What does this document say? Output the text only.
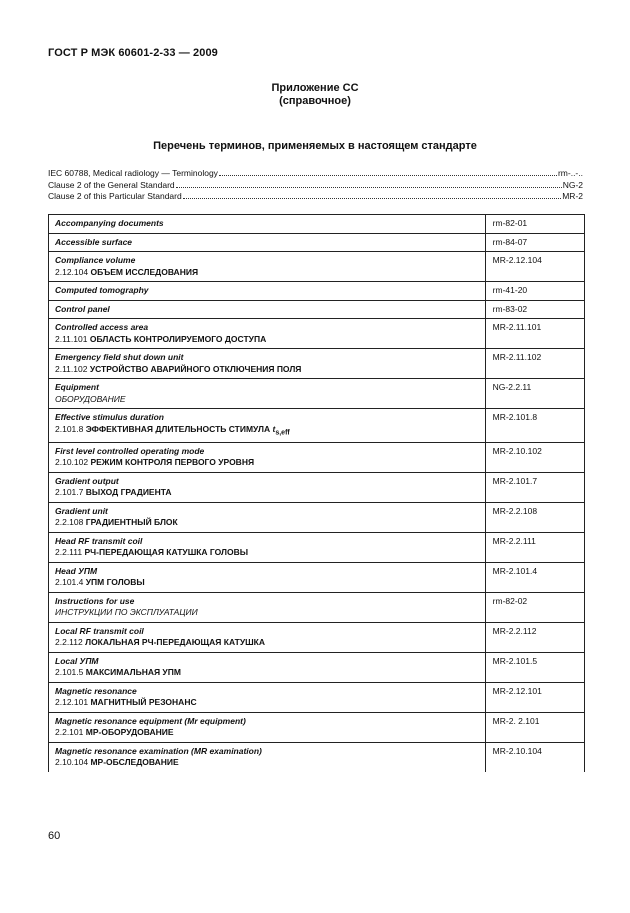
ГОСТ Р МЭК 60601-2-33 — 2009
Приложение СС
(справочное)
Перечень терминов, применяемых в настоящем стандарте
IEC 60788, Medical radiology — Terminology	rm-..-..
Clause 2 of the General Standard	NG-2
Clause 2 of this Particular Standard	MR-2
Accompanying documents	rm-82-01

Accessible surface	rm-84-07

Compliance volume
2.12.104 ОБЪЕМ ИССЛЕДОВАНИЯ	MR-2.12.104

Computed tomography	rm-41-20

Control panel	rm-83-02

Controlled access area
2.11.101 ОБЛАСТЬ КОНТРОЛИРУЕМОГО ДОСТУПА	MR-2.11.101

Emergency field shut down unit
2.11.102 УСТРОЙСТВО АВАРИЙНОГО ОТКЛЮЧЕНИЯ ПОЛЯ	MR-2.11.102

Equipment
ОБОРУДОВАНИЕ	NG-2.2.11

Effective stimulus duration
2.101.8 ЭФФЕКТИВНАЯ ДЛИТЕЛЬНОСТЬ СТИМУЛА $t_{s,eff}$	MR-2.101.8

First level controlled operating mode
2.10.102 РЕЖИМ КОНТРОЛЯ ПЕРВОГО УРОВНЯ	MR-2.10.102

Gradient output
2.101.7 ВЫХОД ГРАДИЕНТА	MR-2.101.7

Gradient unit
2.2.108 ГРАДИЕНТНЫЙ БЛОК	MR-2.2.108

Head RF transmit coil
2.2.111 РЧ-ПЕРЕДАЮЩАЯ КАТУШКА ГОЛОВЫ	MR-2.2.111

Head УПМ
2.101.4 УПМ ГОЛОВЫ	MR-2.101.4

Instructions for use
ИНСТРУКЦИИ ПО ЭКСПЛУАТАЦИИ	rm-82-02

Local RF transmit coil
2.2.112 ЛОКАЛЬНАЯ РЧ-ПЕРЕДАЮЩАЯ КАТУШКА	MR-2.2.112

Local УПМ
2.101.5 МАКСИМАЛЬНАЯ УПМ	MR-2.101.5

Magnetic resonance
2.12.101 МАГНИТНЫЙ РЕЗОНАНС	MR-2.12.101

Magnetic resonance equipment (Mr equipment)
2.2.101 МР-ОБОРУДОВАНИЕ	MR-2. 2.101

Magnetic resonance examination (MR examination)
2.10.104 МР-ОБСЛЕДОВАНИЕ	MR-2.10.104
60
